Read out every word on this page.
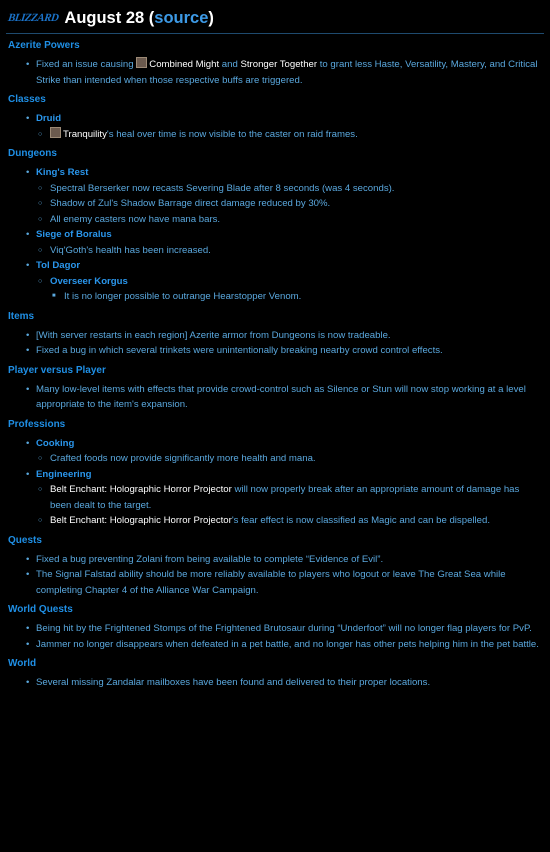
BLIZZARD August 28 (source)
Azerite Powers
• Fixed an issue causing Combined Might and Stronger Together to grant less Haste, Versatility, Mastery, and Critical Strike than intended when those respective buffs are triggered.
Classes
• Druid
○ Tranquility's heal over time is now visible to the caster on raid frames.
Dungeons
• King's Rest
○ Spectral Berserker now recasts Severing Blade after 8 seconds (was 4 seconds).
○ Shadow of Zul's Shadow Barrage direct damage reduced by 30%.
○ All enemy casters now have mana bars.
• Siege of Boralus
○ Viq'Goth's health has been increased.
• Tol Dagor
○ Overseer Korgus
■ It is no longer possible to outrange Hearstopper Venom.
Items
• [With server restarts in each region] Azerite armor from Dungeons is now tradeable.
• Fixed a bug in which several trinkets were unintentionally breaking nearby crowd control effects.
Player versus Player
• Many low-level items with effects that provide crowd-control such as Silence or Stun will now stop working at a level appropriate to the item's expansion.
Professions
• Cooking
○ Crafted foods now provide significantly more health and mana.
• Engineering
○ Belt Enchant: Holographic Horror Projector will now properly break after an appropriate amount of damage has been dealt to the target.
○ Belt Enchant: Holographic Horror Projector's fear effect is now classified as Magic and can be dispelled.
Quests
• Fixed a bug preventing Zolani from being available to complete “Evidence of Evil”.
• The Signal Falstad ability should be more reliably available to players who logout or leave The Great Sea while completing Chapter 4 of the Alliance War Campaign.
World Quests
• Being hit by the Frightened Stomps of the Frightened Brutosaur during “Underfoot” will no longer flag players for PvP.
• Jammer no longer disappears when defeated in a pet battle, and no longer has other pets helping him in the pet battle.
World
• Several missing Zandalar mailboxes have been found and delivered to their proper locations.
